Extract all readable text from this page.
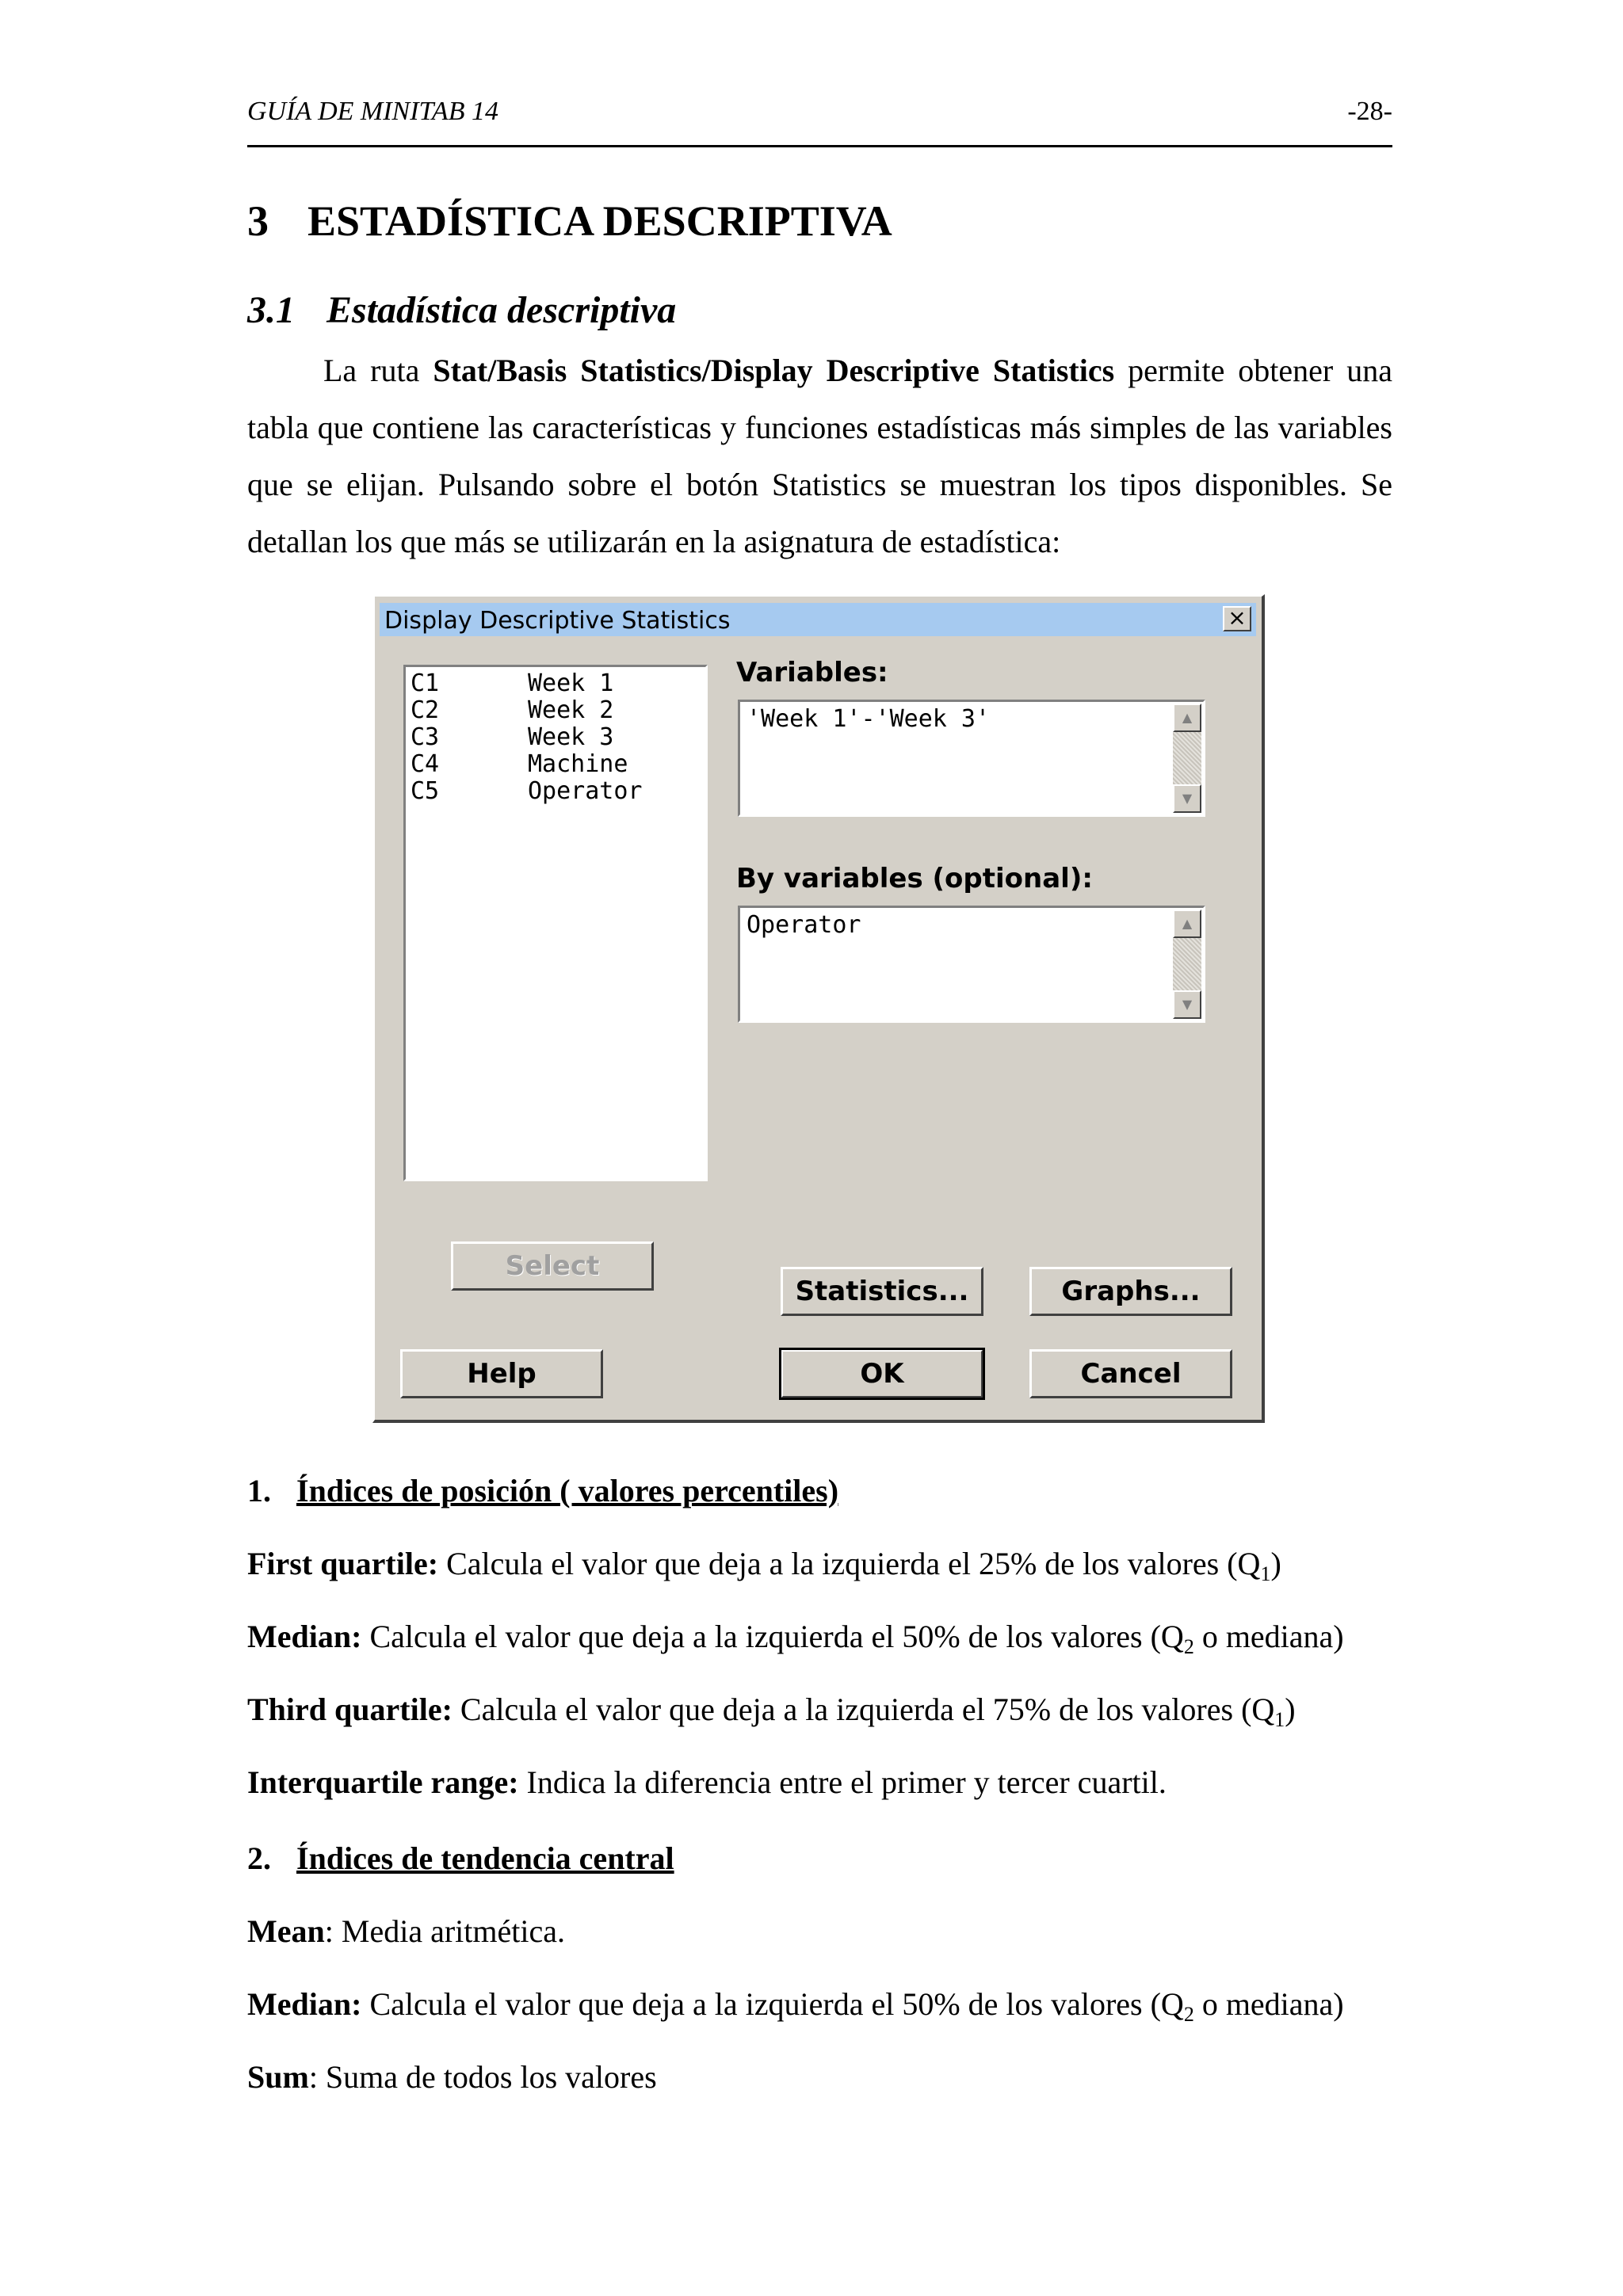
GUÍA DE MINITAB 14	-28-
3 ESTADÍSTICA DESCRIPTIVA
3.1 Estadística descriptiva
La ruta Stat/Basis Statistics/Display Descriptive Statistics permite obtener una tabla que contiene las características y funciones estadísticas más simples de las variables que se elijan. Pulsando sobre el botón Statistics se muestran los tipos disponibles. Se detallan los que más se utilizarán en la asignatura de estadística:
Display Descriptive Statistics	×
C1	Week 1
C2	Week 2
C3	Week 3
C4	Machine
C5	Operator
Variables:
'Week 1'-'Week 3'	▲
▼
By variables (optional):
Operator	▲
▼
Select
Statistics...	Graphs...
Help	OK	Cancel
1. Índices de posición ( valores percentiles)
First quartile: Calcula el valor que deja a la izquierda el 25% de los valores $(Q_1)$
Median: Calcula el valor que deja a la izquierda el 50% de los valores ($Q_2$ o mediana)
Third quartile: Calcula el valor que deja a la izquierda el 75% de los valores $(Q_1)$
Interquartile range: Indica la diferencia entre el primer y tercer cuartil.
2. Índices de tendencia central
Mean: Media aritmética.
Median: Calcula el valor que deja a la izquierda el 50% de los valores ($Q_2$ o mediana)
Sum: Suma de todos los valores
